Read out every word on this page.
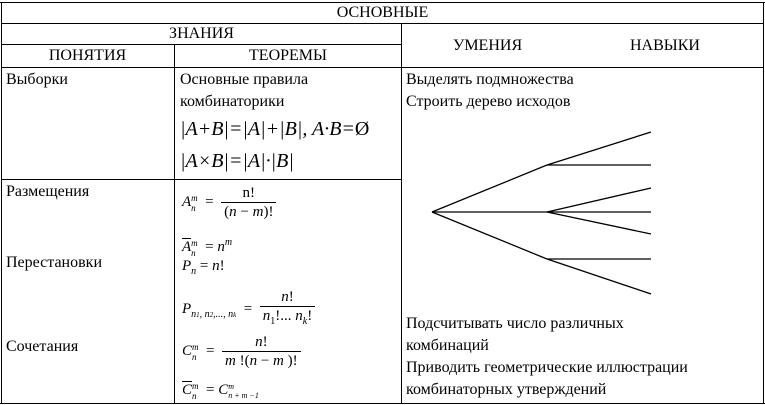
ОСНОВНЫЕ
ЗНАНИЯ
ПОНЯТИЯ	ТЕОРЕМЫ
УМЕНИЯ	НАВЫКИ
Выборки
Размещения
Перестановки
Сочетания
Основные правила
комбинаторики
|A+B|=|A|+|B|, A·B=Ø
|A×B|=|A|·|B|
Am
$n = \frac{n!}{(n - m)!}$
Am
$n = n^m$
$P_n = n$!
$P_{n1, n2,..., nk} = \frac{n!}{n_1!... n_k!}$
Cm
$n = \frac{n!}{m !(n - m )!}$
Cm
n  = Cm
n + m −1
Выделять подмножества
Строить дерево исходов
Подсчитывать число различных
комбинаций
Приводить геометрические иллюстрации
комбинаторных утверждений
